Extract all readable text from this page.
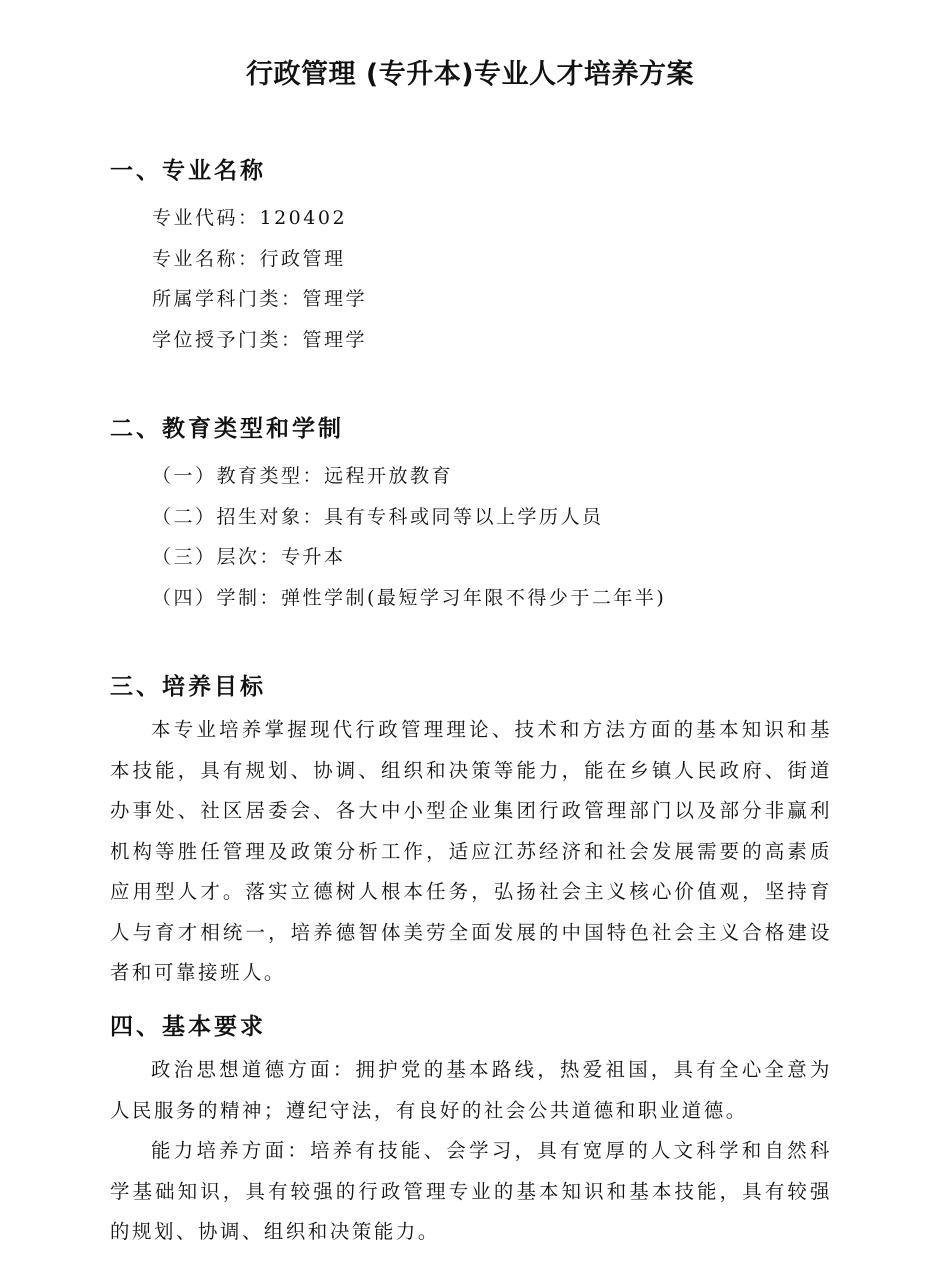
行政管理 (专升本)专业人才培养方案
一、专业名称

专业代码：120402

专业名称：行政管理

所属学科门类：管理学

学位授予门类：管理学

二、教育类型和学制

（一）教育类型：远程开放教育

（二）招生对象：具有专科或同等以上学历人员

（三）层次：专升本

（四）学制：弹性学制(最短学习年限不得少于二年半)

三、培养目标

本专业培养掌握现代行政管理理论、技术和方法方面的基本知识和基本技能，具有规划、协调、组织和决策等能力，能在乡镇人民政府、街道办事处、社区居委会、各大中小型企业集团行政管理部门以及部分非赢利机构等胜任管理及政策分析工作，适应江苏经济和社会发展需要的高素质应用型人才。落实立德树人根本任务，弘扬社会主义核心价值观，坚持育人与育才相统一，培养德智体美劳全面发展的中国特色社会主义合格建设者和可靠接班人。

四、基本要求

政治思想道德方面：拥护党的基本路线，热爱祖国，具有全心全意为人民服务的精神；遵纪守法，有良好的社会公共道德和职业道德。

能力培养方面：培养有技能、会学习，具有宽厚的人文科学和自然科学基础知识，具有较强的行政管理专业的基本知识和基本技能，具有较强的规划、协调、组织和决策能力。
